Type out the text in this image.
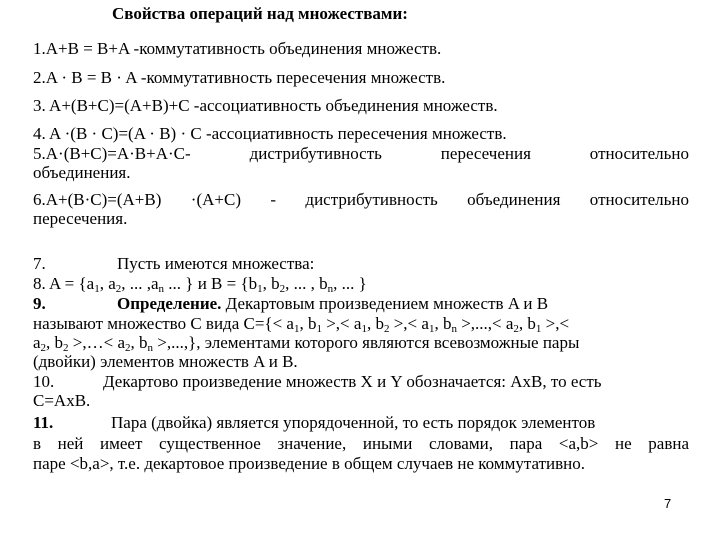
Свойства операций над множествами:
1.A+B = B+A -коммутативность объединения множеств.
2.A · B = B · A -коммутативность пересечения множеств.
3. A+(B+C)=(A+B)+C -ассоциативность объединения множеств.
4. A ·(B · C)=(A · B) · C -ассоциативность пересечения множеств.
5.A·(B+C)=A·B+A·C- дистрибутивность пересечения относительно
объединения.
6.A+(B·C)=(A+B) ·(A+C) - дистрибутивность объединения относительно
пересечения.
7.	Пусть имеются множества:
8. $A = \{a_1$, $a_2$, ... $,a_n$ ... } и $B = \{b_1$, $b_2$, ... , $b_n$, ... }
9.	Определение. Декартовым произведением множеств A и B
называют множество C вида $C=\{< a_1$, $b_1$ >,< $a_1$, $b_2$ >,< $a_1$, $b_n$ >,...,< $a_2$, $b_1$ >,<
$a_2$, $b_2$ >,…< $a_2$, $b_n$ >,...,}, элементами которого являются всевозможные пары
(двойки) элементов множеств A и B.
10.	Декартово произведение множеств X и Y обозначается: AxB, то есть
C=AxB.
11.	Пара (двойка) является упорядоченной, то есть порядок элементов
в ней имеет существенное значение, иными словами, пара <a,b> не равна
паре <b,a>, т.е. декартовое произведение в общем случаев не коммутативно.
7
